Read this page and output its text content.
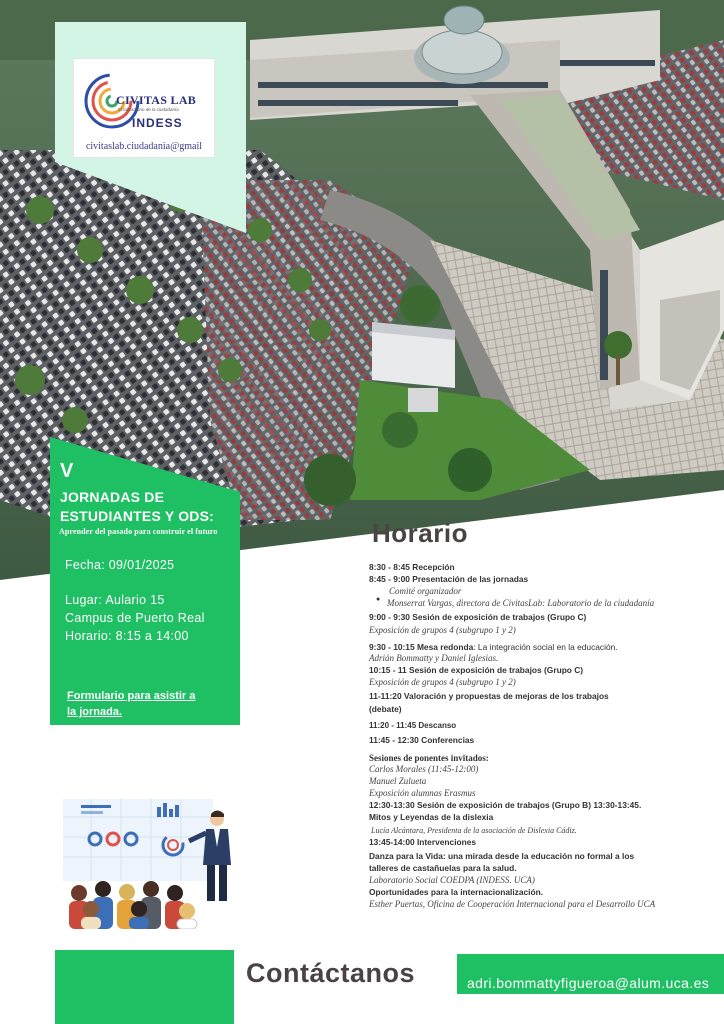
CIVITAS LAB
El laboratorio de la ciudadanía
INDESS
civitaslab.ciudadania@gmail
V
JORNADAS DE
ESTUDIANTES Y ODS:
Aprender del pasado para construir el futuro
Fecha: 09/01/2025
Lugar: Aulario 15
Campus de Puerto Real
Horario: 8:15 a 14:00
Formulario para asistir a
la jornada.
Horario
●
8:30 - 8:45 Recepción
8:45 - 9:00 Presentación de las jornadas
Comité organizador
Monserrat Vargas, directora de CivitasLab: Laboratorio de la ciudadanía
9:00 - 9:30 Sesión de exposición de trabajos (Grupo C)
Exposición de grupos 4 (subgrupo 1 y 2)
9:30 - 10:15 Mesa redonda: La integración social en la educación.
Adrián Bommatty y Daniel Iglesias.
10:15 - 11 Sesión de exposición de trabajos (Grupo C)
Exposición de grupos 4 (subgrupo 1 y 2)
11-11:20 Valoración y propuestas de mejoras de los trabajos
(debate)
11:20 - 11:45 Descanso
11:45 - 12:30 Conferencias
Sesiones de ponentes invitados:
Carlos Morales (11:45-12:00)
Manuel Zulueta
Exposición alumnas Erasmus
12:30-13:30 Sesión de exposición de trabajos (Grupo B) 13:30-13:45.
Mitos y Leyendas de la dislexia
Lucía Alcántara, Presidenta de la asociación de Dislexia Cádiz.
13:45-14:00 Intervenciones
Danza para la Vida: una mirada desde la educación no formal a los
talleres de castañuelas para la salud.
Laboratorio Social COEDPA (INDESS. UCA)
Oportunidades para la internacionalización.
Esther Puertas, Oficina de Cooperación Internacional para el Desarrollo UCA
Contáctanos	adri.bommattyfigueroa@alum.uca.es
